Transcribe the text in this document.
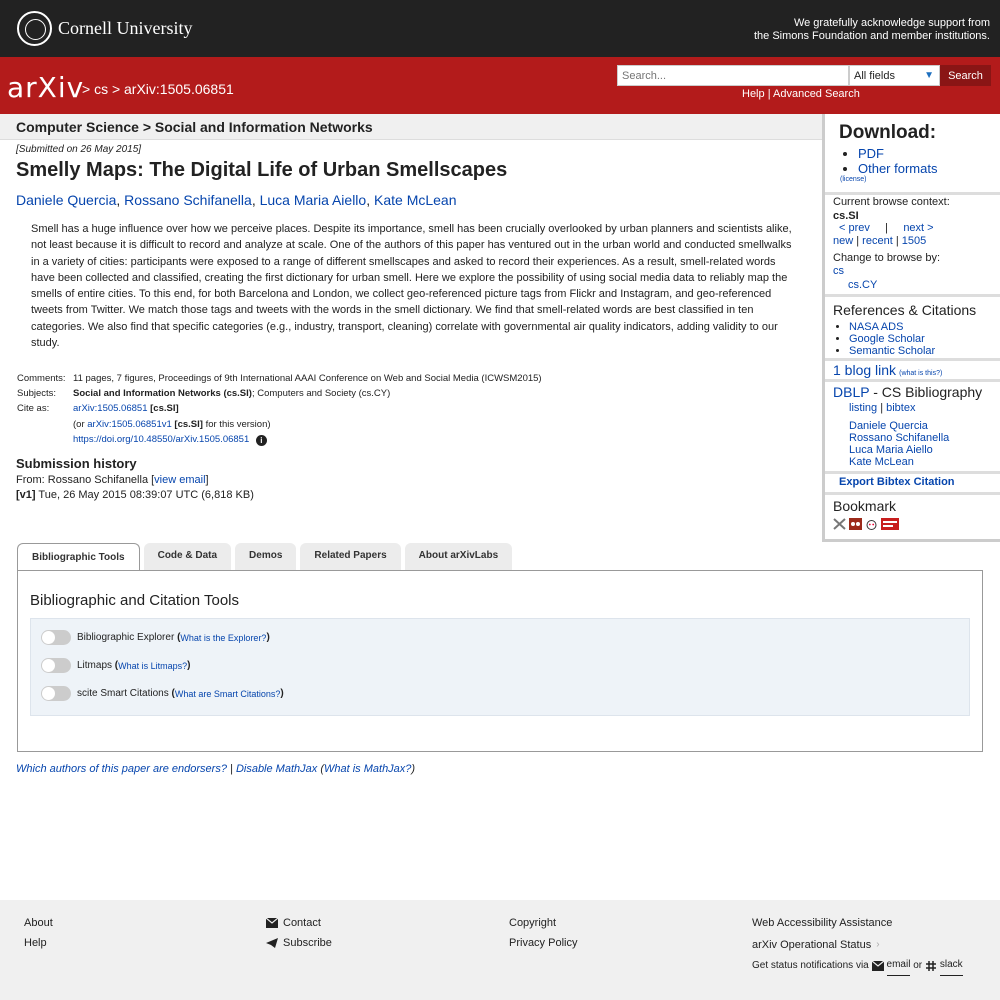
Cornell University	We gratefully acknowledge support from
the Simons Foundation and member institutions.
arXiv
> cs > arXiv:1505.06851
Search...
All fields	▼	Search
Help | Advanced Search
Computer Science > Social and Information Networks
[Submitted on 26 May 2015]
Smelly Maps: The Digital Life of Urban Smellscapes
Daniele Quercia, Rossano Schifanella, Luca Maria Aiello, Kate McLean
Smell has a huge influence over how we perceive places. Despite its importance, smell has been crucially overlooked by urban planners and scientists alike, not least because it is difficult to record and analyze at scale. One of the authors of this paper has ventured out in the urban world and conducted smellwalks in a variety of cities: participants were exposed to a range of different smellscapes and asked to record their experiences. As a result, smell-related words have been collected and classified, creating the first dictionary for urban smell. Here we explore the possibility of using social media data to reliably map the smells of entire cities. To this end, for both Barcelona and London, we collect geo-referenced picture tags from Flickr and Instagram, and geo-referenced tweets from Twitter. We match those tags and tweets with the words in the smell dictionary. We find that smell-related words are best classified in ten categories. We also find that specific categories (e.g., industry, transport, cleaning) correlate with governmental air quality indicators, adding validity to our study.
Comments: 11 pages, 7 figures, Proceedings of 9th International AAAI Conference on Web and Social Media (ICWSM2015)
Subjects:	Social and Information Networks (cs.SI); Computers and Society (cs.CY)
Cite as:	arXiv:1505.06851 [cs.SI]
(or arXiv:1505.06851v1 [cs.SI] for this version)
https://doi.org/10.48550/arXiv.1505.06851 i
Submission history
From: Rossano Schifanella [view email]
[v1] Tue, 26 May 2015 08:39:07 UTC (6,818 KB)
Bibliographic Tools	Code & Data	Demos	Related Papers	About arXivLabs
Bibliographic and Citation Tools
Bibliographic Explorer
( What is the Explorer? )
Litmaps
( What is Litmaps? )
scite Smart Citations
( What are Smart Citations? )
Which authors of this paper are endorsers? | Disable MathJax (What is MathJax?)
Download:
• PDF
• Other formats
(license)
Current browse context:
cs.SI
< prev | next >
new | recent | 1505
Change to browse by:
cs
cs.CY
References & Citations
• NASA ADS
• Google Scholar
• Semantic Scholar
1 blog link (what is this?)
DBLP - CS Bibliography
listing | bibtex
Daniele Quercia
Rossano Schifanella
Luca Maria Aiello
Kate McLean
Export Bibtex Citation
Bookmark
About
Help
Contact
Subscribe
Copyright
Privacy Policy
Web Accessibility Assistance
arXiv Operational Status ›
Get status notifications via
email
or
slack
